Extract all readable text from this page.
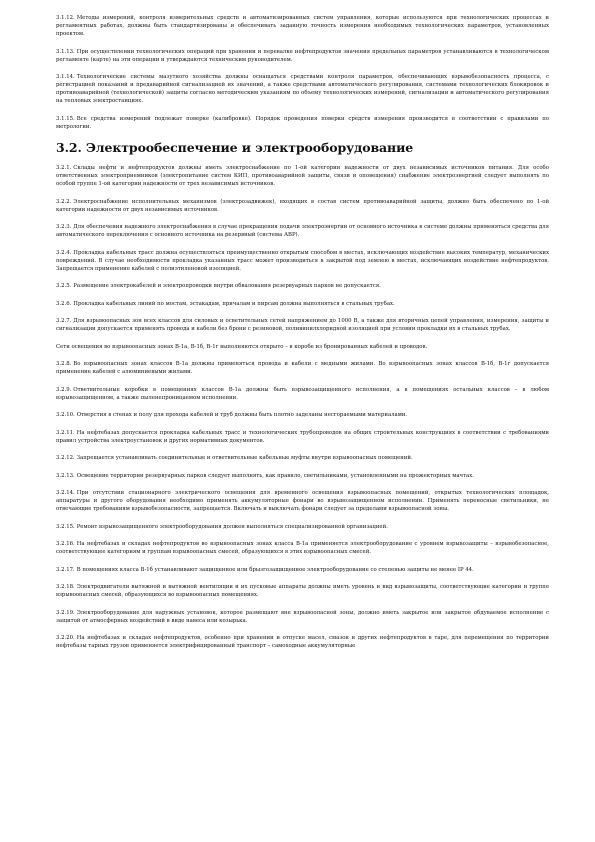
3.1.12. Методы измерений, контроля измерительных средств и автоматизированных систем управления, которые используются при технологических процессах и регламентных работах, должны быть стандартизированы и обеспечивать заданную точность измерения необходимых технологических параметров, установленных проектом.

3.1.13. При осуществлении технологических операций при хранении и перевалке нефтепродуктов значения предельных параметров устанавливаются в технологическом регламенте (карте) на эти операции и утверждаются техническим руководителем.

3.1.14. Технологические системы мазутного хозяйства должны оснащаться средствами контроля параметров, обеспечивающих взрывобезопасность процесса, с регистрацией показаний и предаварийной сигнализацией их значений, а также средствами автоматического регулирования, системами технологических блокировок и противоаварийной (технологической) защиты согласно методическим указаниям по объему технологических измерений, сигнализации и автоматического регулирования на тепловых электростанциях.

3.1.15. Все средства измерений подлежат поверке (калибровке). Порядок проведения поверки средств измерения производится в соответствии с правилами по метрологии.

3.2. Электрообеспечение и электрооборудование

3.2.1. Склады нефти и нефтепродуктов должны иметь электроснабжение по 1-ой категории надежности от двух независимых источников питания. Для особо ответственных электроприемников (электропитание систем КИП, противоаварийной защиты, связи и оповещения) снабжение электроэнергией следует выполнять по особой группе 1-ой категории надежности от трех независимых источников.

3.2.2. Электроснабжение исполнительных механизмов (электрозадвижек), входящих в состав систем противоаварийной защиты, должно быть обеспечено по 1-ой категории надежности от двух независимых источников.

3.2.3. Для обеспечения надежного электроснабжения в случае прекращения подачи электроэнергии от основного источника в системе должны применяться средства для автоматического переключения с основного источника на резервный (система АВР).

3.2.4. Прокладка кабельных трасс должна осуществляться преимущественно открытым способом в местах, исключающих воздействие высоких температур, механических повреждений. В случае необходимости прокладка указанных трасс может производиться в закрытой под землею в местах, исключающих воздействие нефтепродуктов. Запрещается применение кабелей с полиэтиленовой изоляцией.

3.2.5. Размещение электрокабелей и электропроводки внутри обвалования резервуарных парков не допускается.

3.2.6. Прокладка кабельных линий по мостам, эстакадам, причалам и пирсам должна выполняться в стальных трубах.

3.2.7. Для взрывоопасных зон всех классов для силовых и осветительных сетей напряжением до 1000 В, а также для вторичных цепей управления, измерения, защиты и сигнализации допускается применять провода и кабели без брони с резиновой, поливинилхлоридной изоляцией при условии прокладки их в стальных трубах.

Сети освещения во взрывоопасных зонах В-1а, В-1б, В-1г выполняются открыто – в коробе из бронированных кабелей и проводов.

3.2.8. Во взрывоопасных зонах классов В-1а должны применяться провода и кабели с медными жилами. Во взрывоопасных зонах классов В-1б, В-1г допускается применение кабелей с алюминиевыми жилами.

3.2.9. Ответвительные коробки в помещениях классов В-1а должны быть взрывозащищенного исполнения, а в помещениях остальных классов – в любом взрывозащищенном, а также пыленепроницаемом исполнении.

3.2.10. Отверстия в стенах и полу для прохода кабелей и труб должны быть плотно заделаны несгораемыми материалами.

3.2.11. На нефтебазах допускается прокладка кабельных трасс и технологических трубопроводов на общих строительных конструкциях в соответствии с требованиями правил устройства электроустановок и других нормативных документов.

3.2.12. Запрещается устанавливать соединительные и ответвительные кабельные муфты внутри взрывоопасных помещений.

3.2.13. Освещение территории резервуарных парков следует выполнять, как правило, светильниками, установленными на прожекторных мачтах.

3.2.14. При отсутствии стационарного электрического освещения для временного освещения взрывоопасных помещений, открытых технологических площадок, аппаратуры и другого оборудования необходимо применять аккумуляторные фонари во взрывозащищенном исполнении. Применять переносные светильники, не отвечающие требованиям взрывобезопасности, запрещается. Включать и выключать фонари следует за пределами взрывоопасной зоны.

3.2.15. Ремонт взрывозащищенного электрооборудования должен выполняться специализированной организацией.

3.2.16. На нефтебазах и складах нефтепродуктов во взрывоопасных зонах класса В-1а применяется электрооборудование с уровнем взрывозащиты – взрывобезопасное, соответствующее категориям и группам взрывоопасных смесей, образующихся в этих взрывоопасных смесей.

3.2.17. В помещениях класса В-1б устанавливают защищенное или брызгозащищенное электрооборудование со степенью защиты не менее IP 44.

3.2.18. Электродвигатели вытяжной и вытяжной вентиляции и их пусковые аппараты должны иметь уровень и вид взрывозащиты, соответствующие категории и группе взрывоопасных смесей, образующихся во взрывоопасных помещениях.

3.2.19. Электрооборудование для наружных установок, которое размещают вне взрывоопасной зоны, должно иметь закрытое или закрытое обдуваемое исполнение с защитой от атмосферных воздействий в виде навеса или козырька.

3.2.20. На нефтебазах и складах нефтепродуктов, особенно при хранении и отпуске масел, смазок и других нефтепродуктов в таре, для перемещения по территории нефтебазы тарных грузов применяется электрифицированный транспорт – самоходные аккумуляторные
